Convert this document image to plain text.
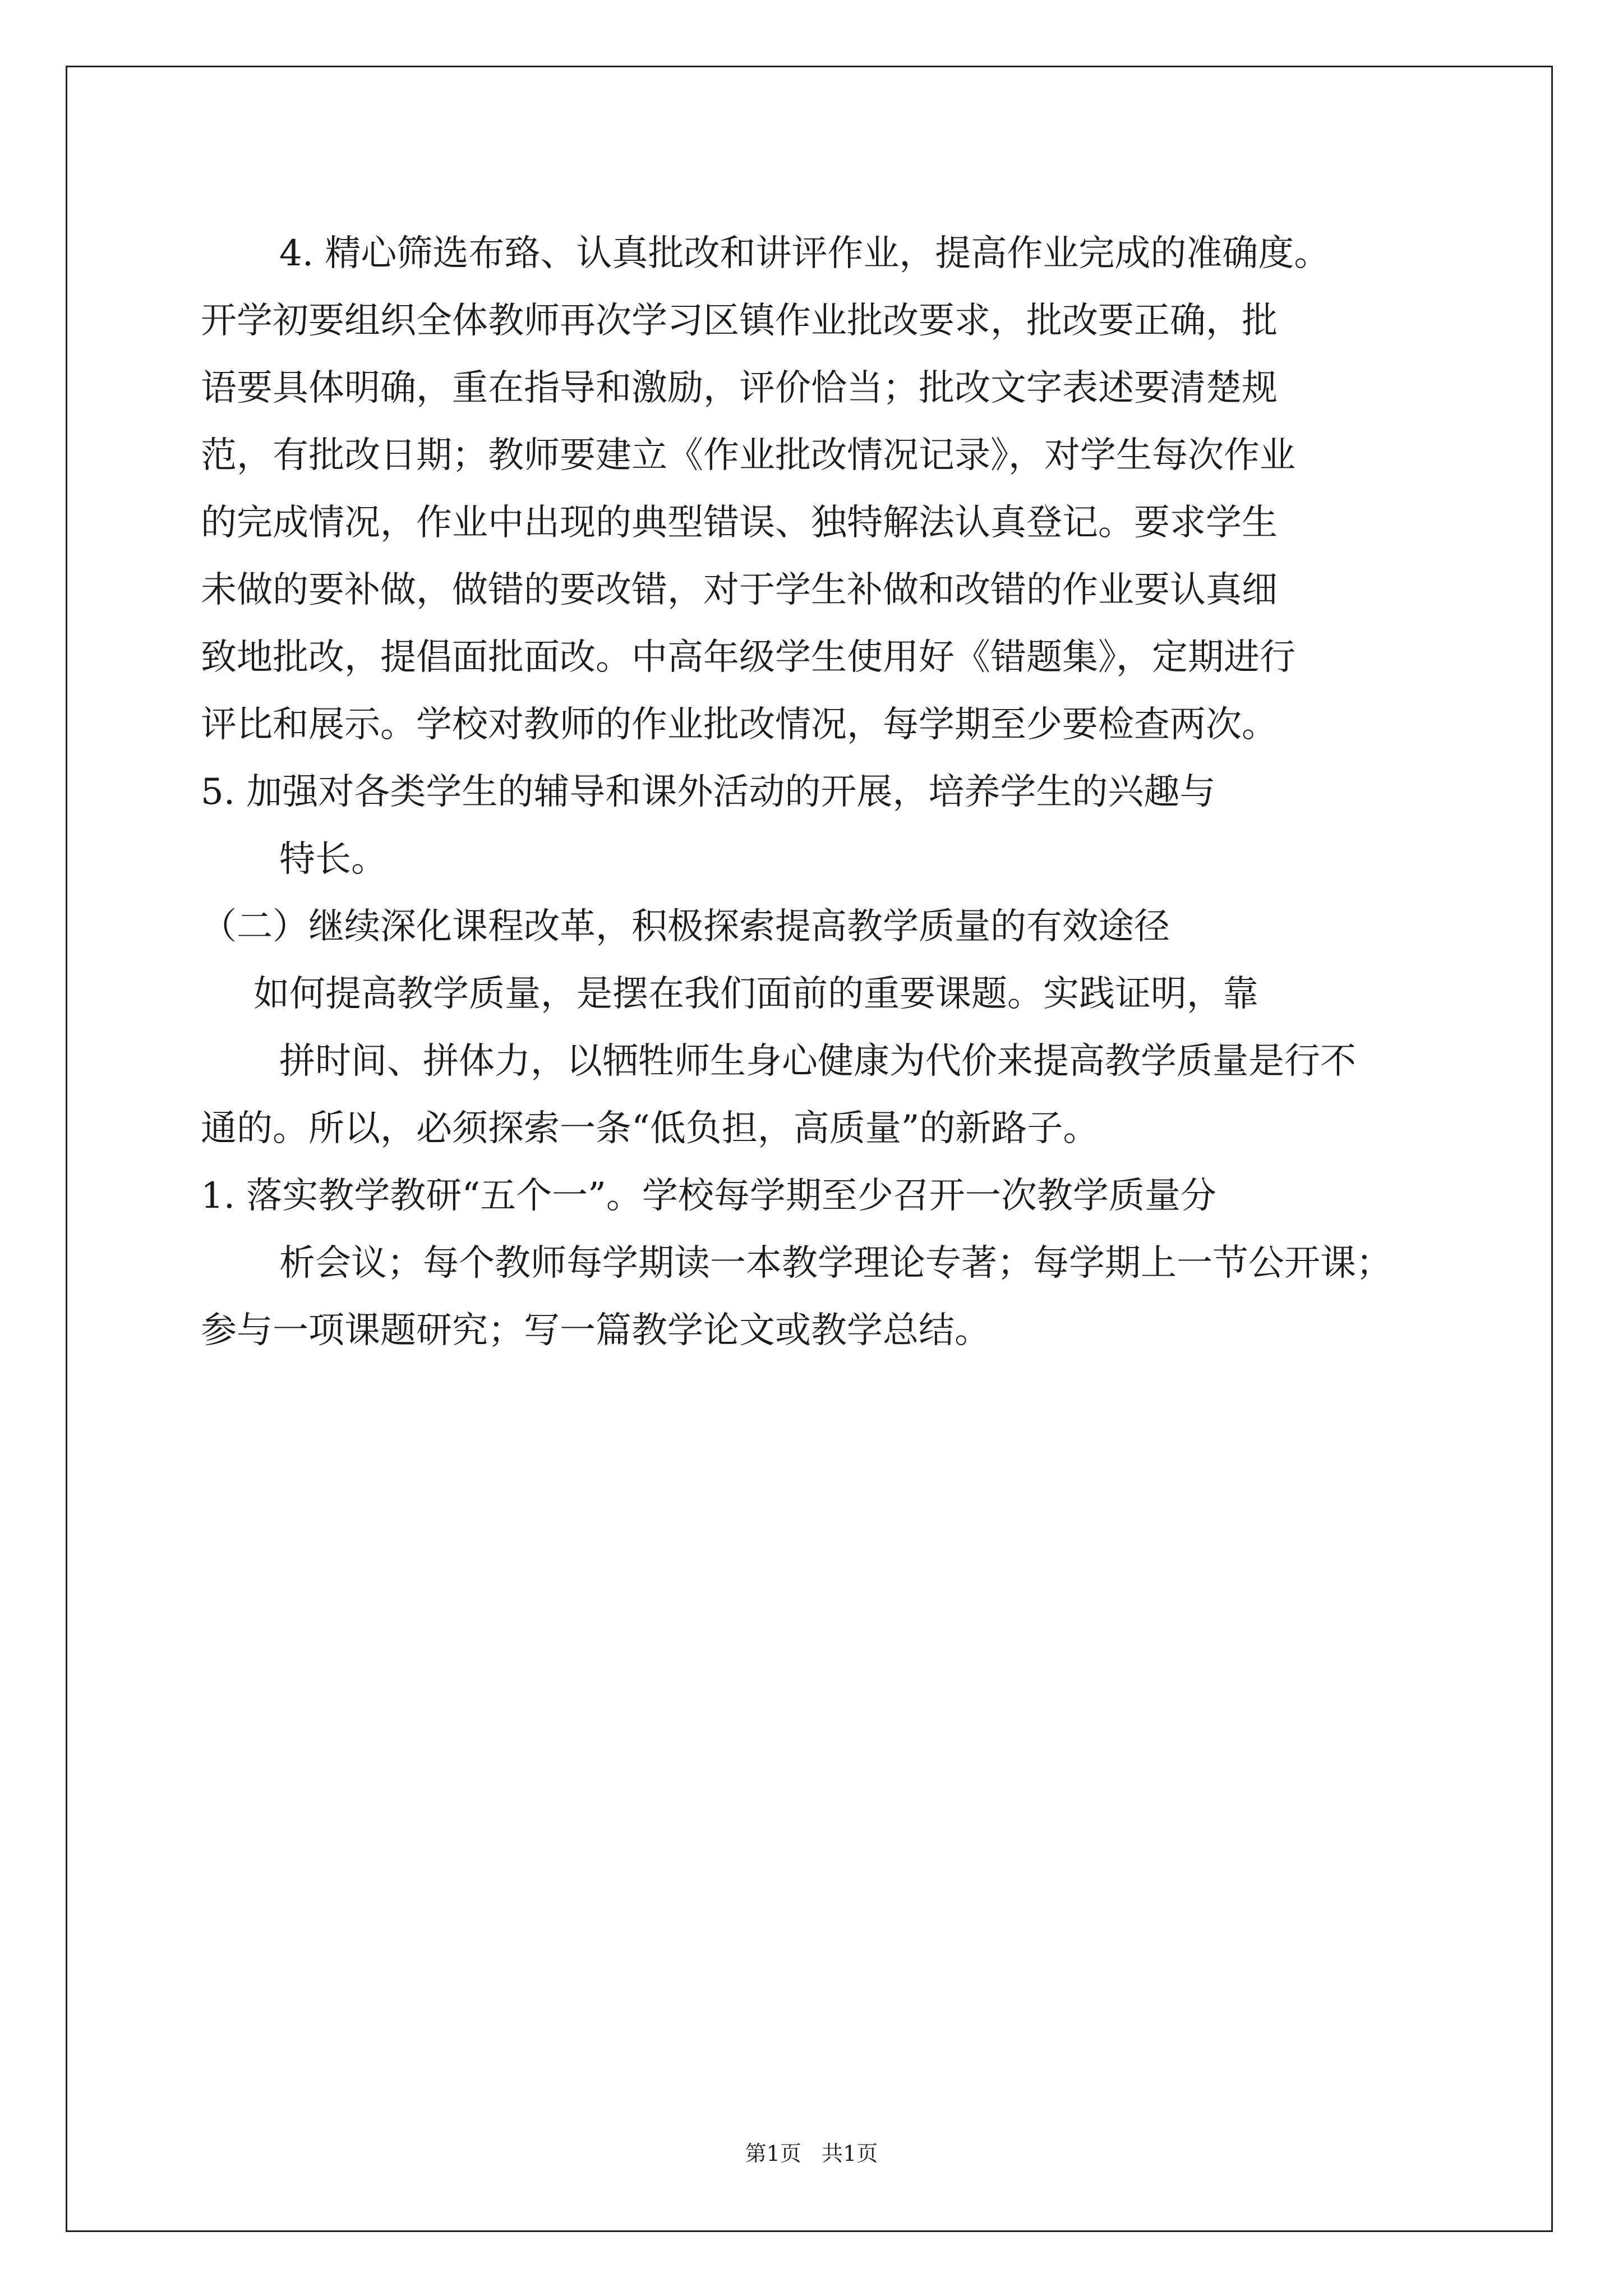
4. 精心筛选布臵、认真批改和讲评作业，提高作业完成的准确度。
开学初要组织全体教师再次学习区镇作业批改要求，批改要正确，批
语要具体明确，重在指导和激励，评价恰当；批改文字表述要清楚规
范，有批改日期；教师要建立《作业批改情况记录》，对学生每次作业
的完成情况，作业中出现的典型错误、独特解法认真登记。要求学生
未做的要补做，做错的要改错，对于学生补做和改错的作业要认真细
致地批改，提倡面批面改。中高年级学生使用好《错题集》，定期进行
评比和展示。学校对教师的作业批改情况，每学期至少要检查两次。
5. 加强对各类学生的辅导和课外活动的开展，培养学生的兴趣与
特长。
（二）继续深化课程改革，积极探索提高教学质量的有效途径
如何提高教学质量，是摆在我们面前的重要课题。实践证明，靠
拼时间、拼体力，以牺牲师生身心健康为代价来提高教学质量是行不
通的。所以，必须探索一条“低负担，高质量”的新路子。
1. 落实教学教研“五个一”。学校每学期至少召开一次教学质量分
析会议；每个教师每学期读一本教学理论专著；每学期上一节公开课；
参与一项课题研究；写一篇教学论文或教学总结。
第1页   共1页
